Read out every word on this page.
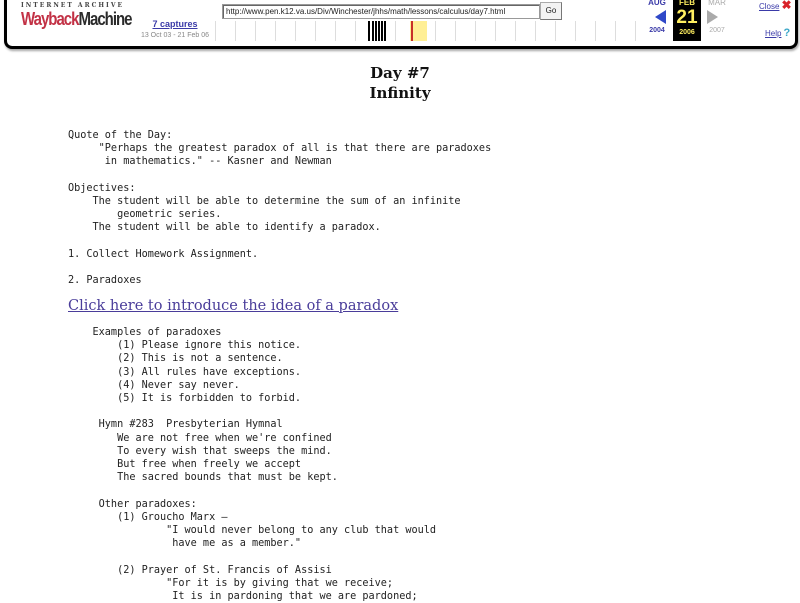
INTERNET ARCHIVE
WaybackMachine	7 captures
13 Oct 03 - 21 Feb 06
http://www.pen.k12.va.us/Div/Winchester/jhhs/math/lessons/calculus/day7.html	Go
AUG
2004
FEB
21
2006
MAR
2007
Close ✖
Help ?
Day #7
Infinity
Quote of the Day:
"Perhaps the greatest paradox of all is that there are paradoxes
in mathematics." -- Kasner and Newman

Objectives:
The student will be able to determine the sum of an infinite
geometric series.
The student will be able to identify a paradox.

1. Collect Homework Assignment.

2. Paradoxes
Click here to introduce the idea of a paradox
Examples of paradoxes
(1) Please ignore this notice.
(2) This is not a sentence.
(3) All rules have exceptions.
(4) Never say never.
(5) It is forbidden to forbid.

Hymn #283  Presbyterian Hymnal
We are not free when we're confined
To every wish that sweeps the mind.
But free when freely we accept
The sacred bounds that must be kept.

Other paradoxes:
(1) Groucho Marx –
"I would never belong to any club that would
have me as a member."

(2) Prayer of St. Francis of Assisi
"For it is by giving that we receive;
It is in pardoning that we are pardoned;
